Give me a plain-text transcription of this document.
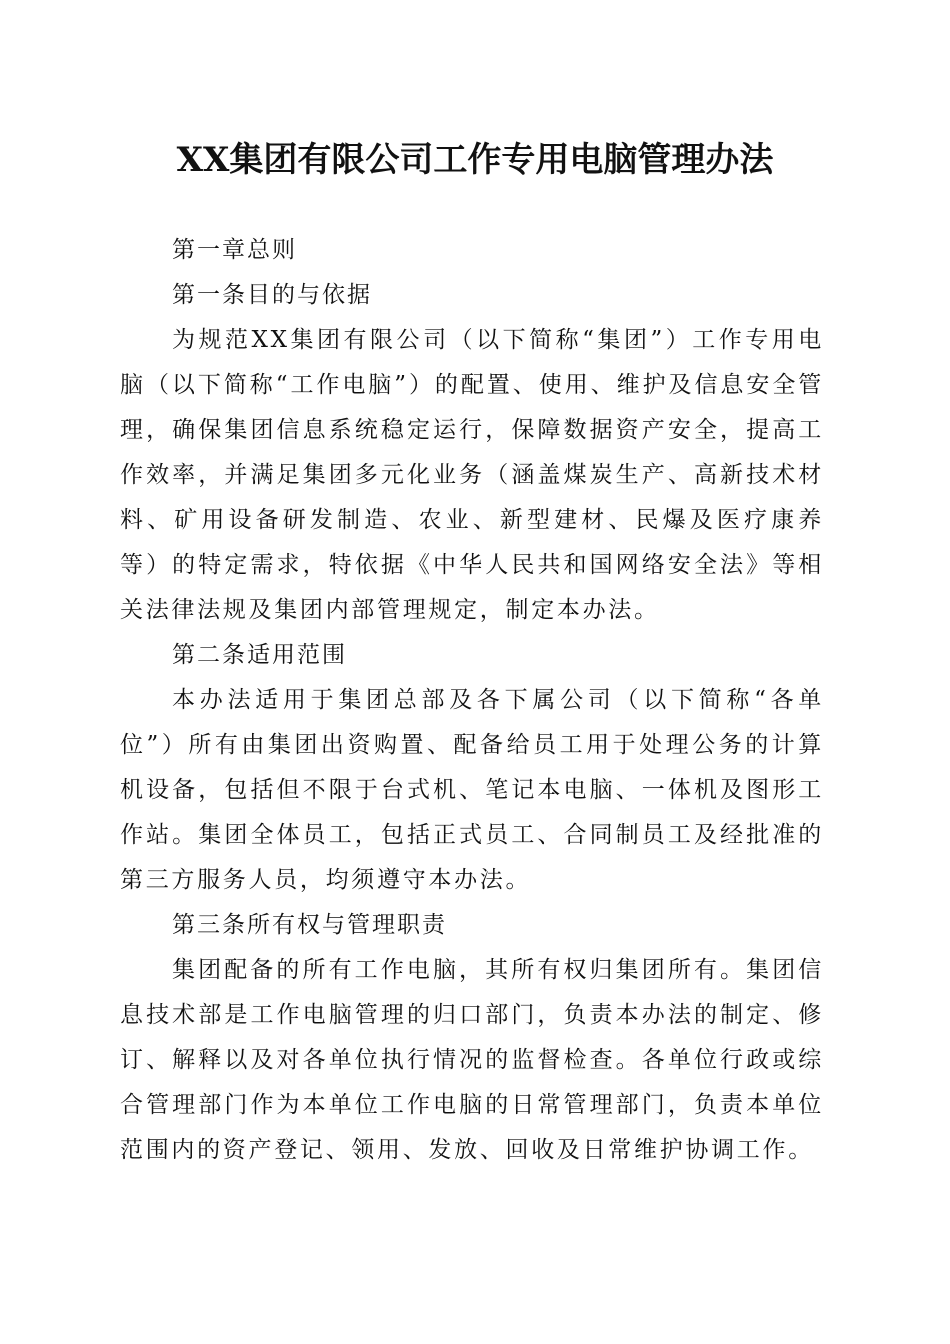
XX集团有限公司工作专用电脑管理办法

第一章总则

第一条目的与依据

为规范XX集团有限公司（以下简称“集团”）工作专用电脑（以下简称“工作电脑”）的配置、使用、维护及信息安全管理，确保集团信息系统稳定运行，保障数据资产安全，提高工作效率，并满足集团多元化业务（涵盖煤炭生产、高新技术材料、矿用设备研发制造、农业、新型建材、民爆及医疗康养等）的特定需求，特依据《中华人民共和国网络安全法》等相关法律法规及集团内部管理规定，制定本办法。

第二条适用范围

本办法适用于集团总部及各下属公司（以下简称“各单位”）所有由集团出资购置、配备给员工用于处理公务的计算机设备，包括但不限于台式机、笔记本电脑、一体机及图形工作站。集团全体员工，包括正式员工、合同制员工及经批准的第三方服务人员，均须遵守本办法。

第三条所有权与管理职责

集团配备的所有工作电脑，其所有权归集团所有。集团信息技术部是工作电脑管理的归口部门，负责本办法的制定、修订、解释以及对各单位执行情况的监督检查。各单位行政或综合管理部门作为本单位工作电脑的日常管理部门，负责本单位范围内的资产登记、领用、发放、回收及日常维护协调工作。
